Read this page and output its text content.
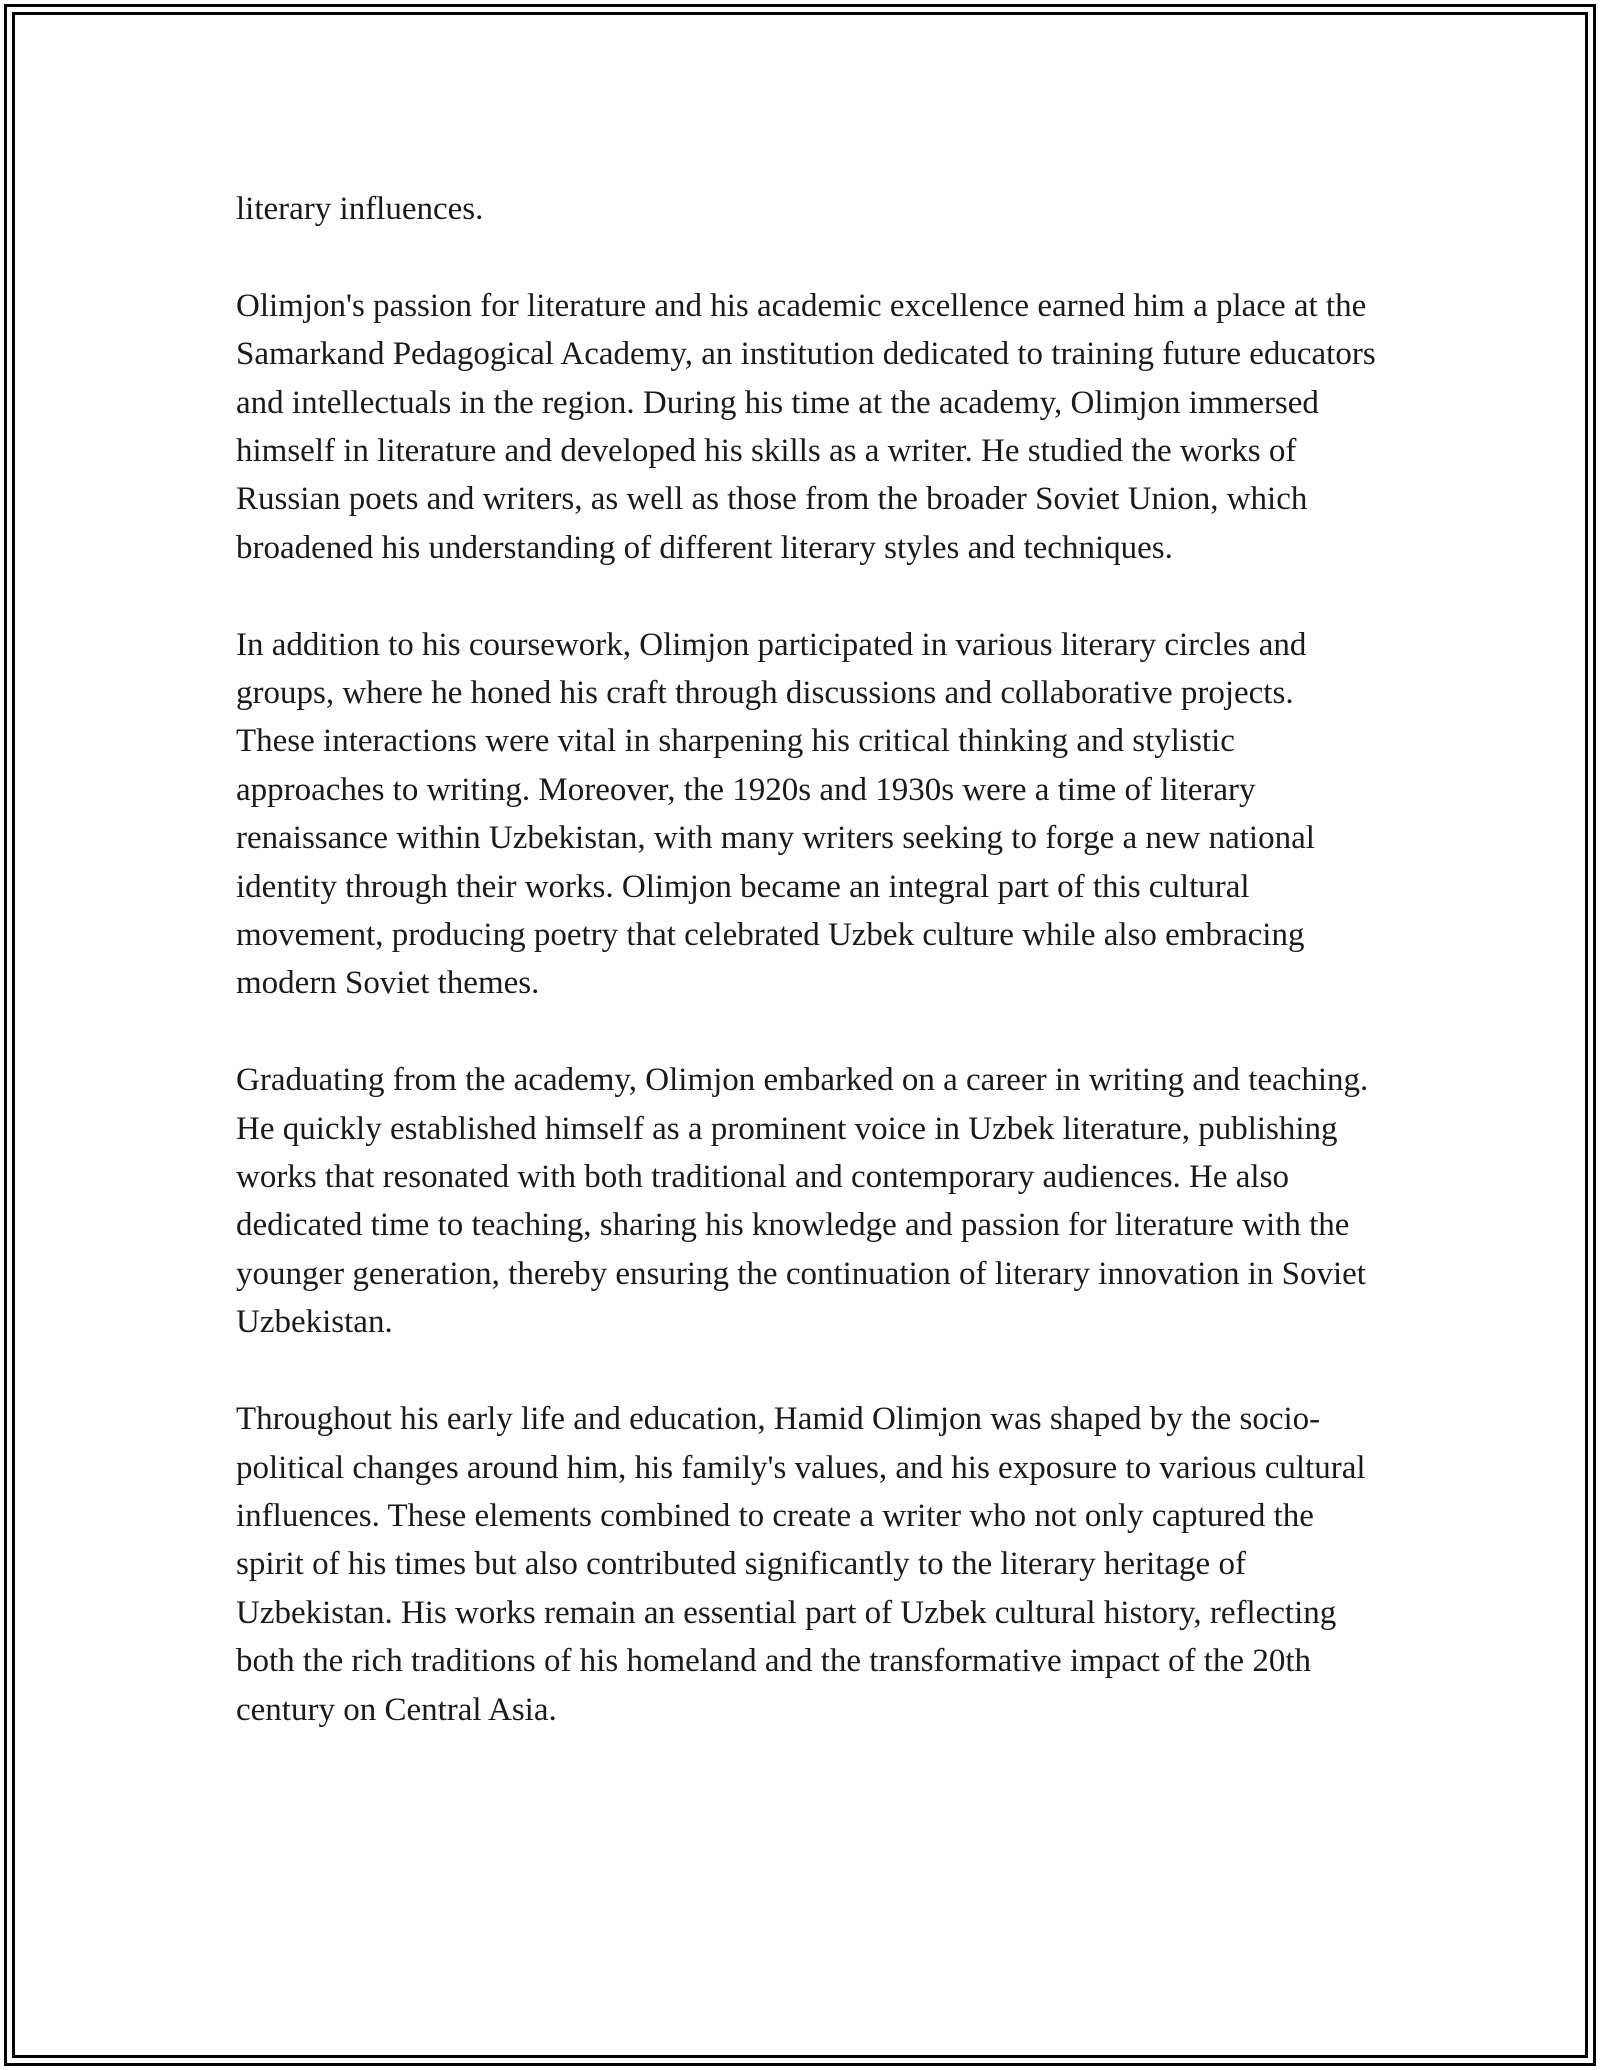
literary influences.

Olimjon's passion for literature and his academic excellence earned him a place at the Samarkand Pedagogical Academy, an institution dedicated to training future educators and intellectuals in the region. During his time at the academy, Olimjon immersed himself in literature and developed his skills as a writer. He studied the works of Russian poets and writers, as well as those from the broader Soviet Union, which broadened his understanding of different literary styles and techniques.

In addition to his coursework, Olimjon participated in various literary circles and groups, where he honed his craft through discussions and collaborative projects. These interactions were vital in sharpening his critical thinking and stylistic approaches to writing. Moreover, the 1920s and 1930s were a time of literary renaissance within Uzbekistan, with many writers seeking to forge a new national identity through their works. Olimjon became an integral part of this cultural movement, producing poetry that celebrated Uzbek culture while also embracing modern Soviet themes.

Graduating from the academy, Olimjon embarked on a career in writing and teaching. He quickly established himself as a prominent voice in Uzbek literature, publishing works that resonated with both traditional and contemporary audiences. He also dedicated time to teaching, sharing his knowledge and passion for literature with the younger generation, thereby ensuring the continuation of literary innovation in Soviet Uzbekistan.

Throughout his early life and education, Hamid Olimjon was shaped by the socio-political changes around him, his family's values, and his exposure to various cultural influences. These elements combined to create a writer who not only captured the spirit of his times but also contributed significantly to the literary heritage of Uzbekistan. His works remain an essential part of Uzbek cultural history, reflecting both the rich traditions of his homeland and the transformative impact of the 20th century on Central Asia.
